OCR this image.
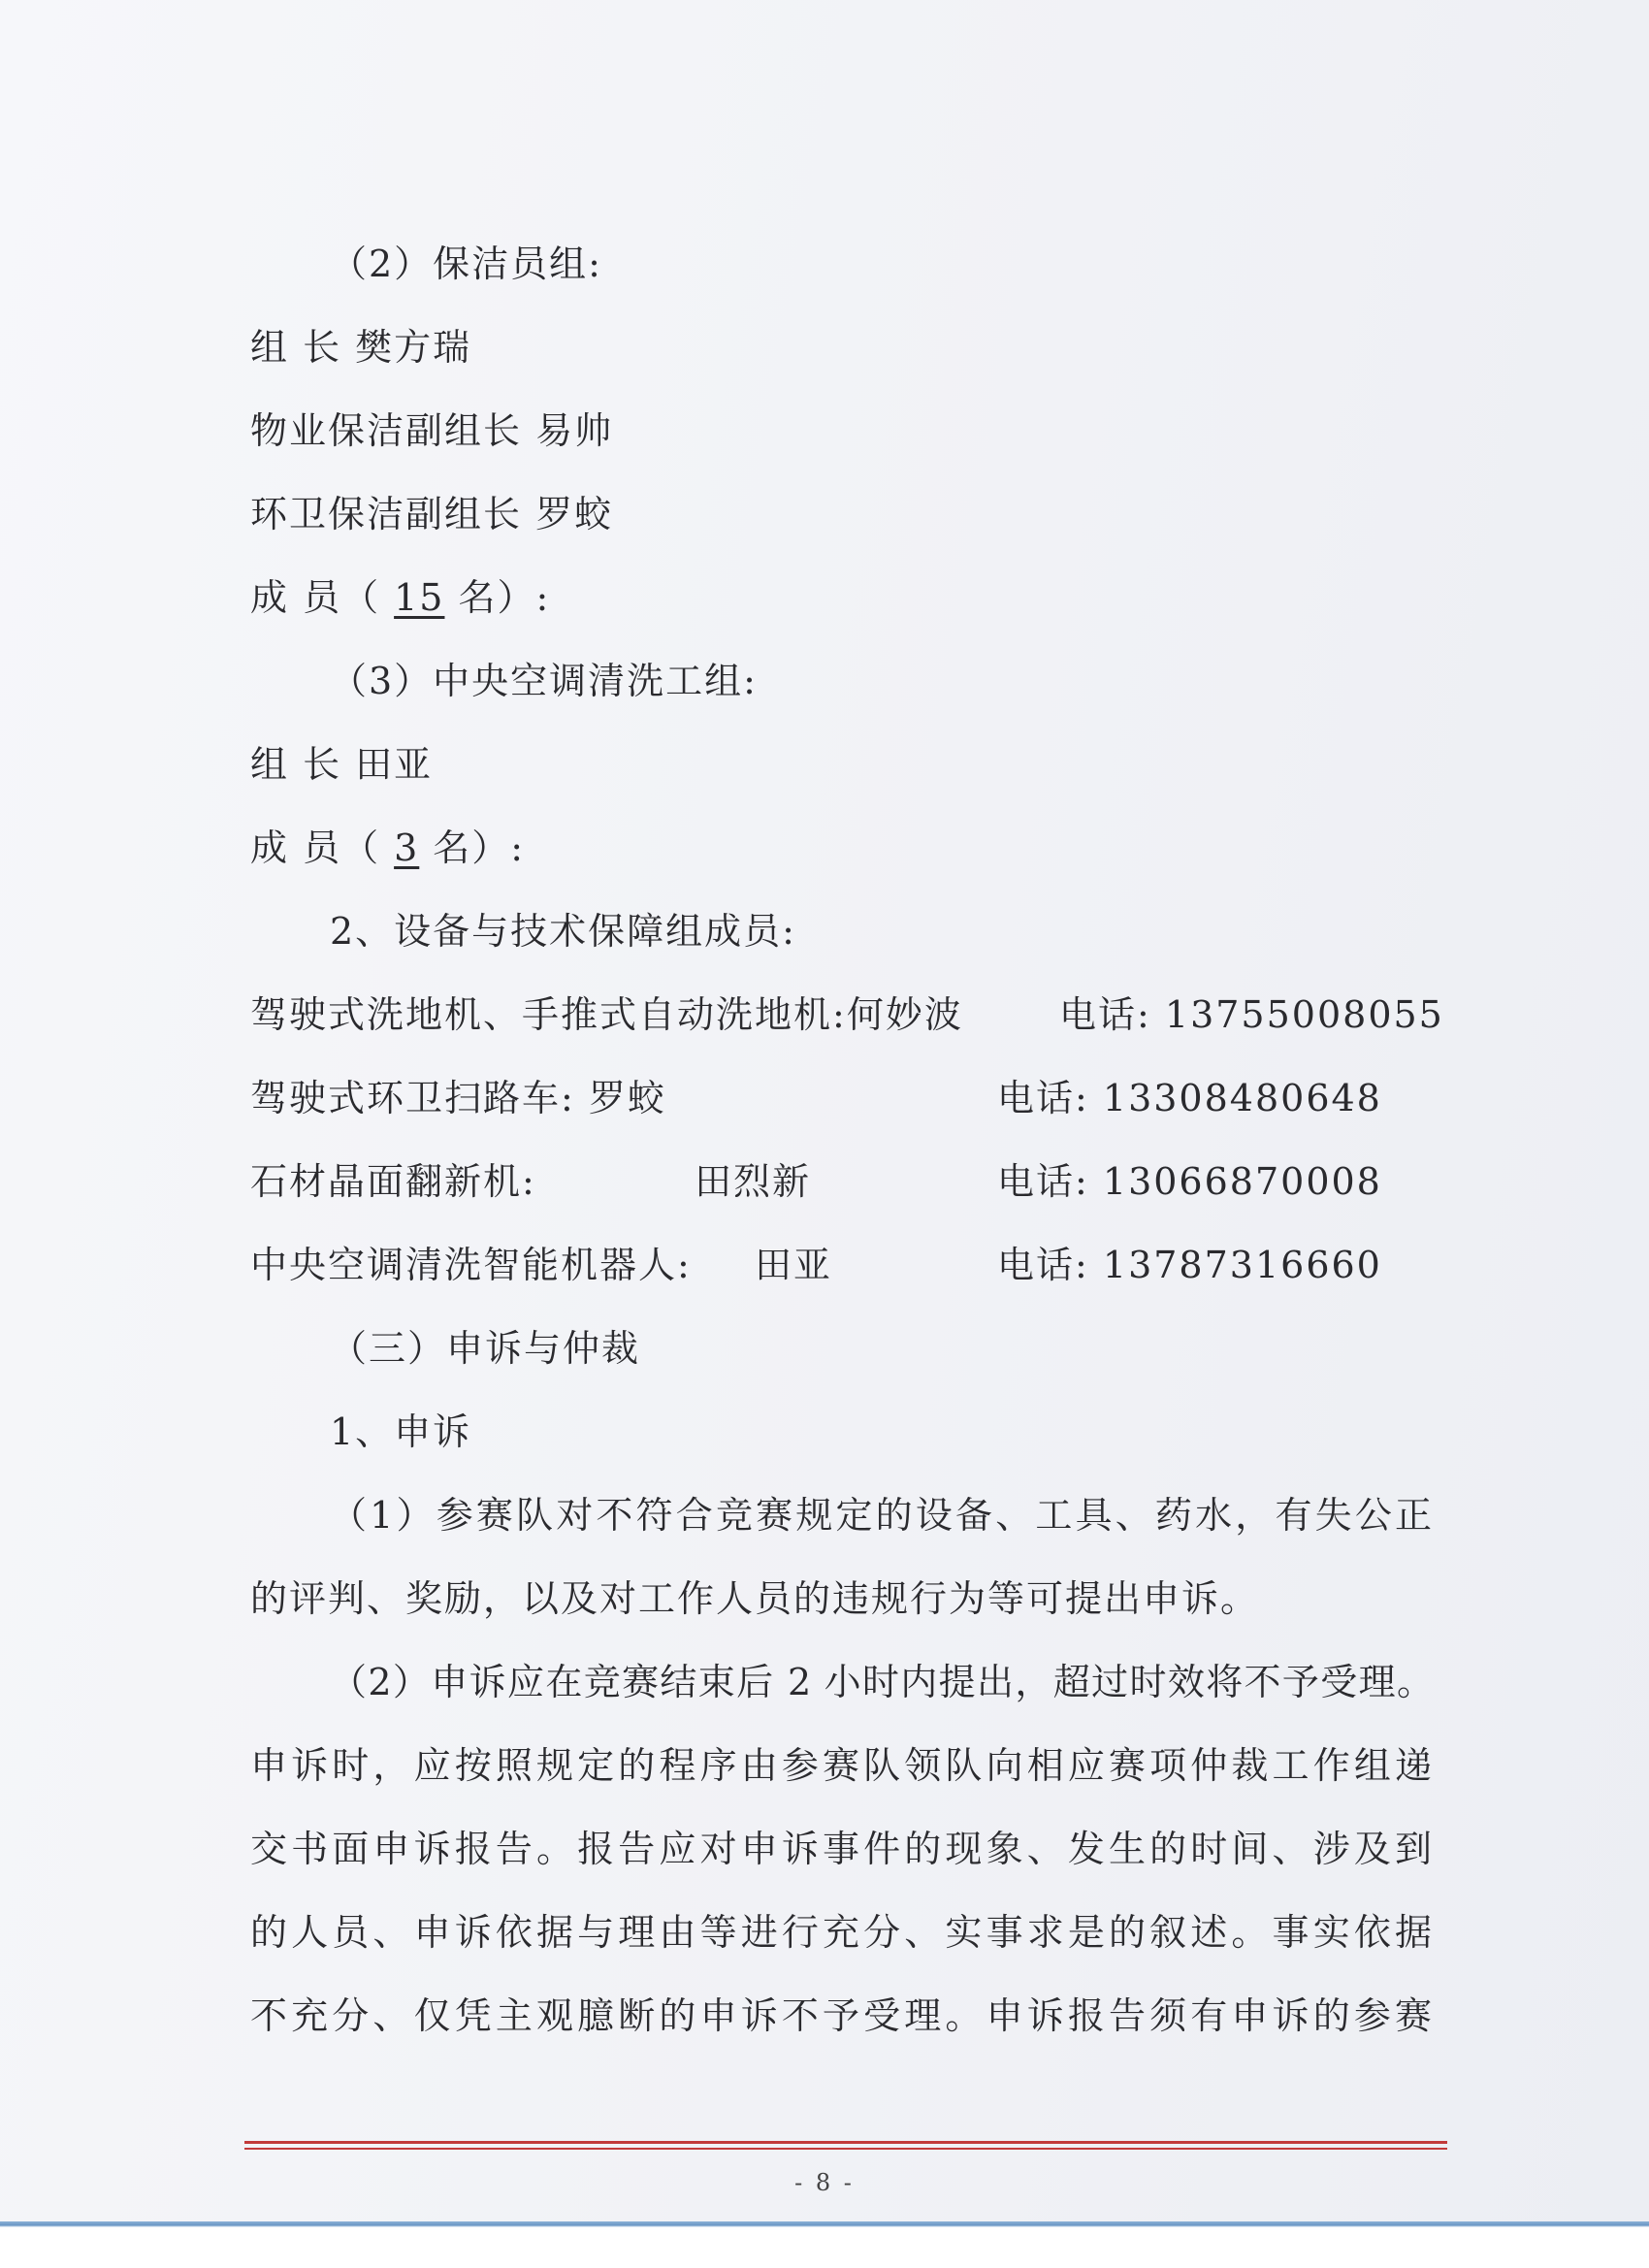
（2）保洁员组:
组 长 樊方瑞
物业保洁副组长 易帅
环卫保洁副组长 罗蛟
成 员（ 15 名）:
（3）中央空调清洗工组:
组 长 田亚
成 员（ 3 名）:
2、设备与技术保障组成员:
驾驶式洗地机、手推式自动洗地机:何妙波	电话: 13755008055
驾驶式环卫扫路车: 罗蛟	电话: 13308480648
石材晶面翻新机:	田烈新	电话: 13066870008
中央空调清洗智能机器人: 田亚	电话: 13787316660
（三）申诉与仲裁
1、申诉
（1）参赛队对不符合竞赛规定的设备、工具、药水，有失公正
的评判、奖励，以及对工作人员的违规行为等可提出申诉。
（2）申诉应在竞赛结束后 2 小时内提出，超过时效将不予受理。
申诉时，应按照规定的程序由参赛队领队向相应赛项仲裁工作组递
交书面申诉报告。报告应对申诉事件的现象、发生的时间、涉及到
的人员、申诉依据与理由等进行充分、实事求是的叙述。事实依据
不充分、仅凭主观臆断的申诉不予受理。申诉报告须有申诉的参赛
- 8 -
